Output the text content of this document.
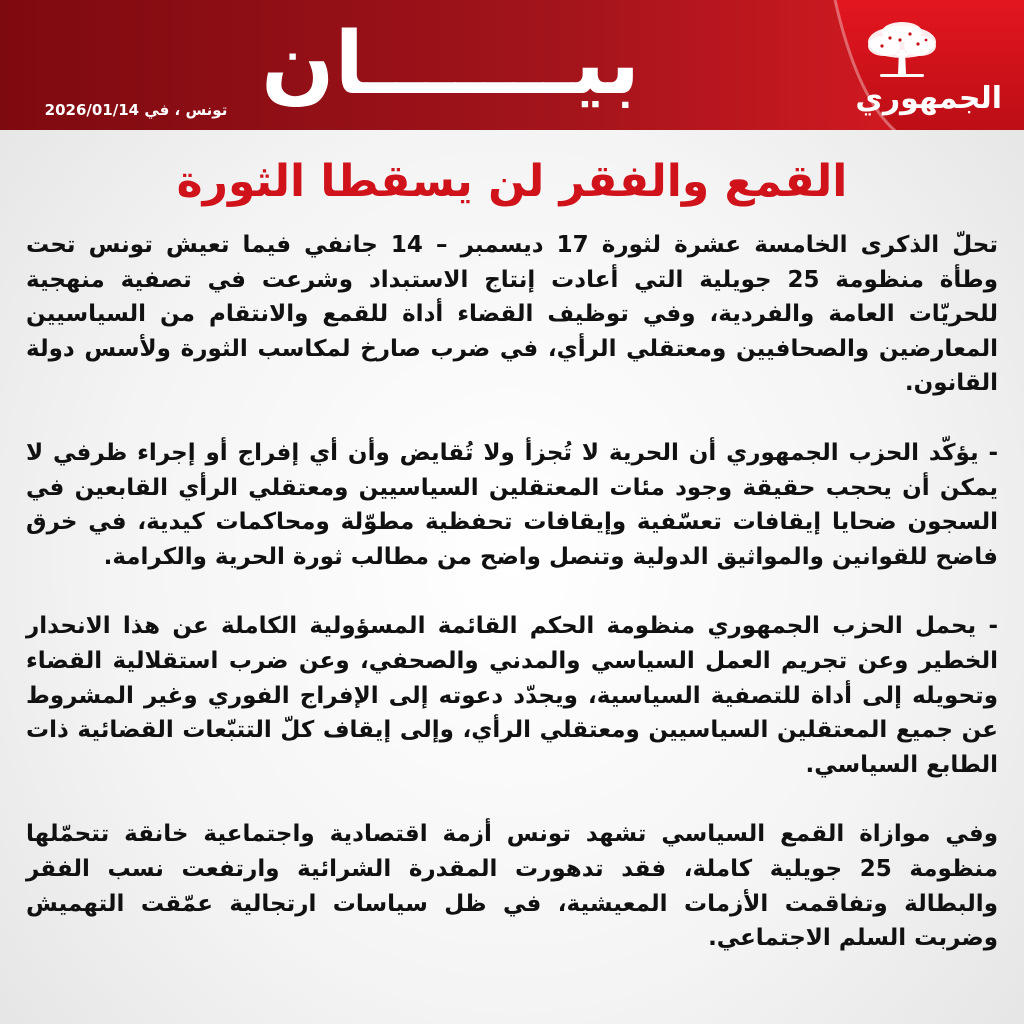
بيـــــــان
تونس ، في 2026/01/14	الجمهوري
القمع والفقر لن يسقطا الثورة

تحلّ الذكرى الخامسة عشرة لثورة 17 ديسمبر – 14 جانفي فيما تعيش تونس تحت وطأة منظومة 25 جويلية التي أعادت إنتاج الاستبداد وشرعت في تصفية منهجية للحريّات العامة والفردية، وفي توظيف القضاء أداة للقمع والانتقام من السياسيين المعارضين والصحافيين ومعتقلي الرأي، في ضرب صارخ لمكاسب الثورة ولأسس دولة القانون.

- يؤكّد الحزب الجمهوري أن الحرية لا تُجزأ ولا تُقايض وأن أي إفراج أو إجراء ظرفي لا يمكن أن يحجب حقيقة وجود مئات المعتقلين السياسيين ومعتقلي الرأي القابعين في السجون ضحايا إيقافات تعسّفية وإيقافات تحفظية مطوّلة ومحاكمات كيدية، في خرق فاضح للقوانين والمواثيق الدولية وتنصل واضح من مطالب ثورة الحرية والكرامة.

- يحمل الحزب الجمهوري منظومة الحكم القائمة المسؤولية الكاملة عن هذا الانحدار الخطير وعن تجريم العمل السياسي والمدني والصحفي، وعن ضرب استقلالية القضاء وتحويله إلى أداة للتصفية السياسية، ويجدّد دعوته إلى الإفراج الفوري وغير المشروط عن جميع المعتقلين السياسيين ومعتقلي الرأي، وإلى إيقاف كلّ التتبّعات القضائية ذات الطابع السياسي.

وفي موازاة القمع السياسي تشهد تونس أزمة اقتصادية واجتماعية خانقة تتحمّلها منظومة 25 جويلية كاملة، فقد تدهورت المقدرة الشرائية وارتفعت نسب الفقر والبطالة وتفاقمت الأزمات المعيشية، في ظل سياسات ارتجالية عمّقت التهميش وضربت السلم الاجتماعي.
